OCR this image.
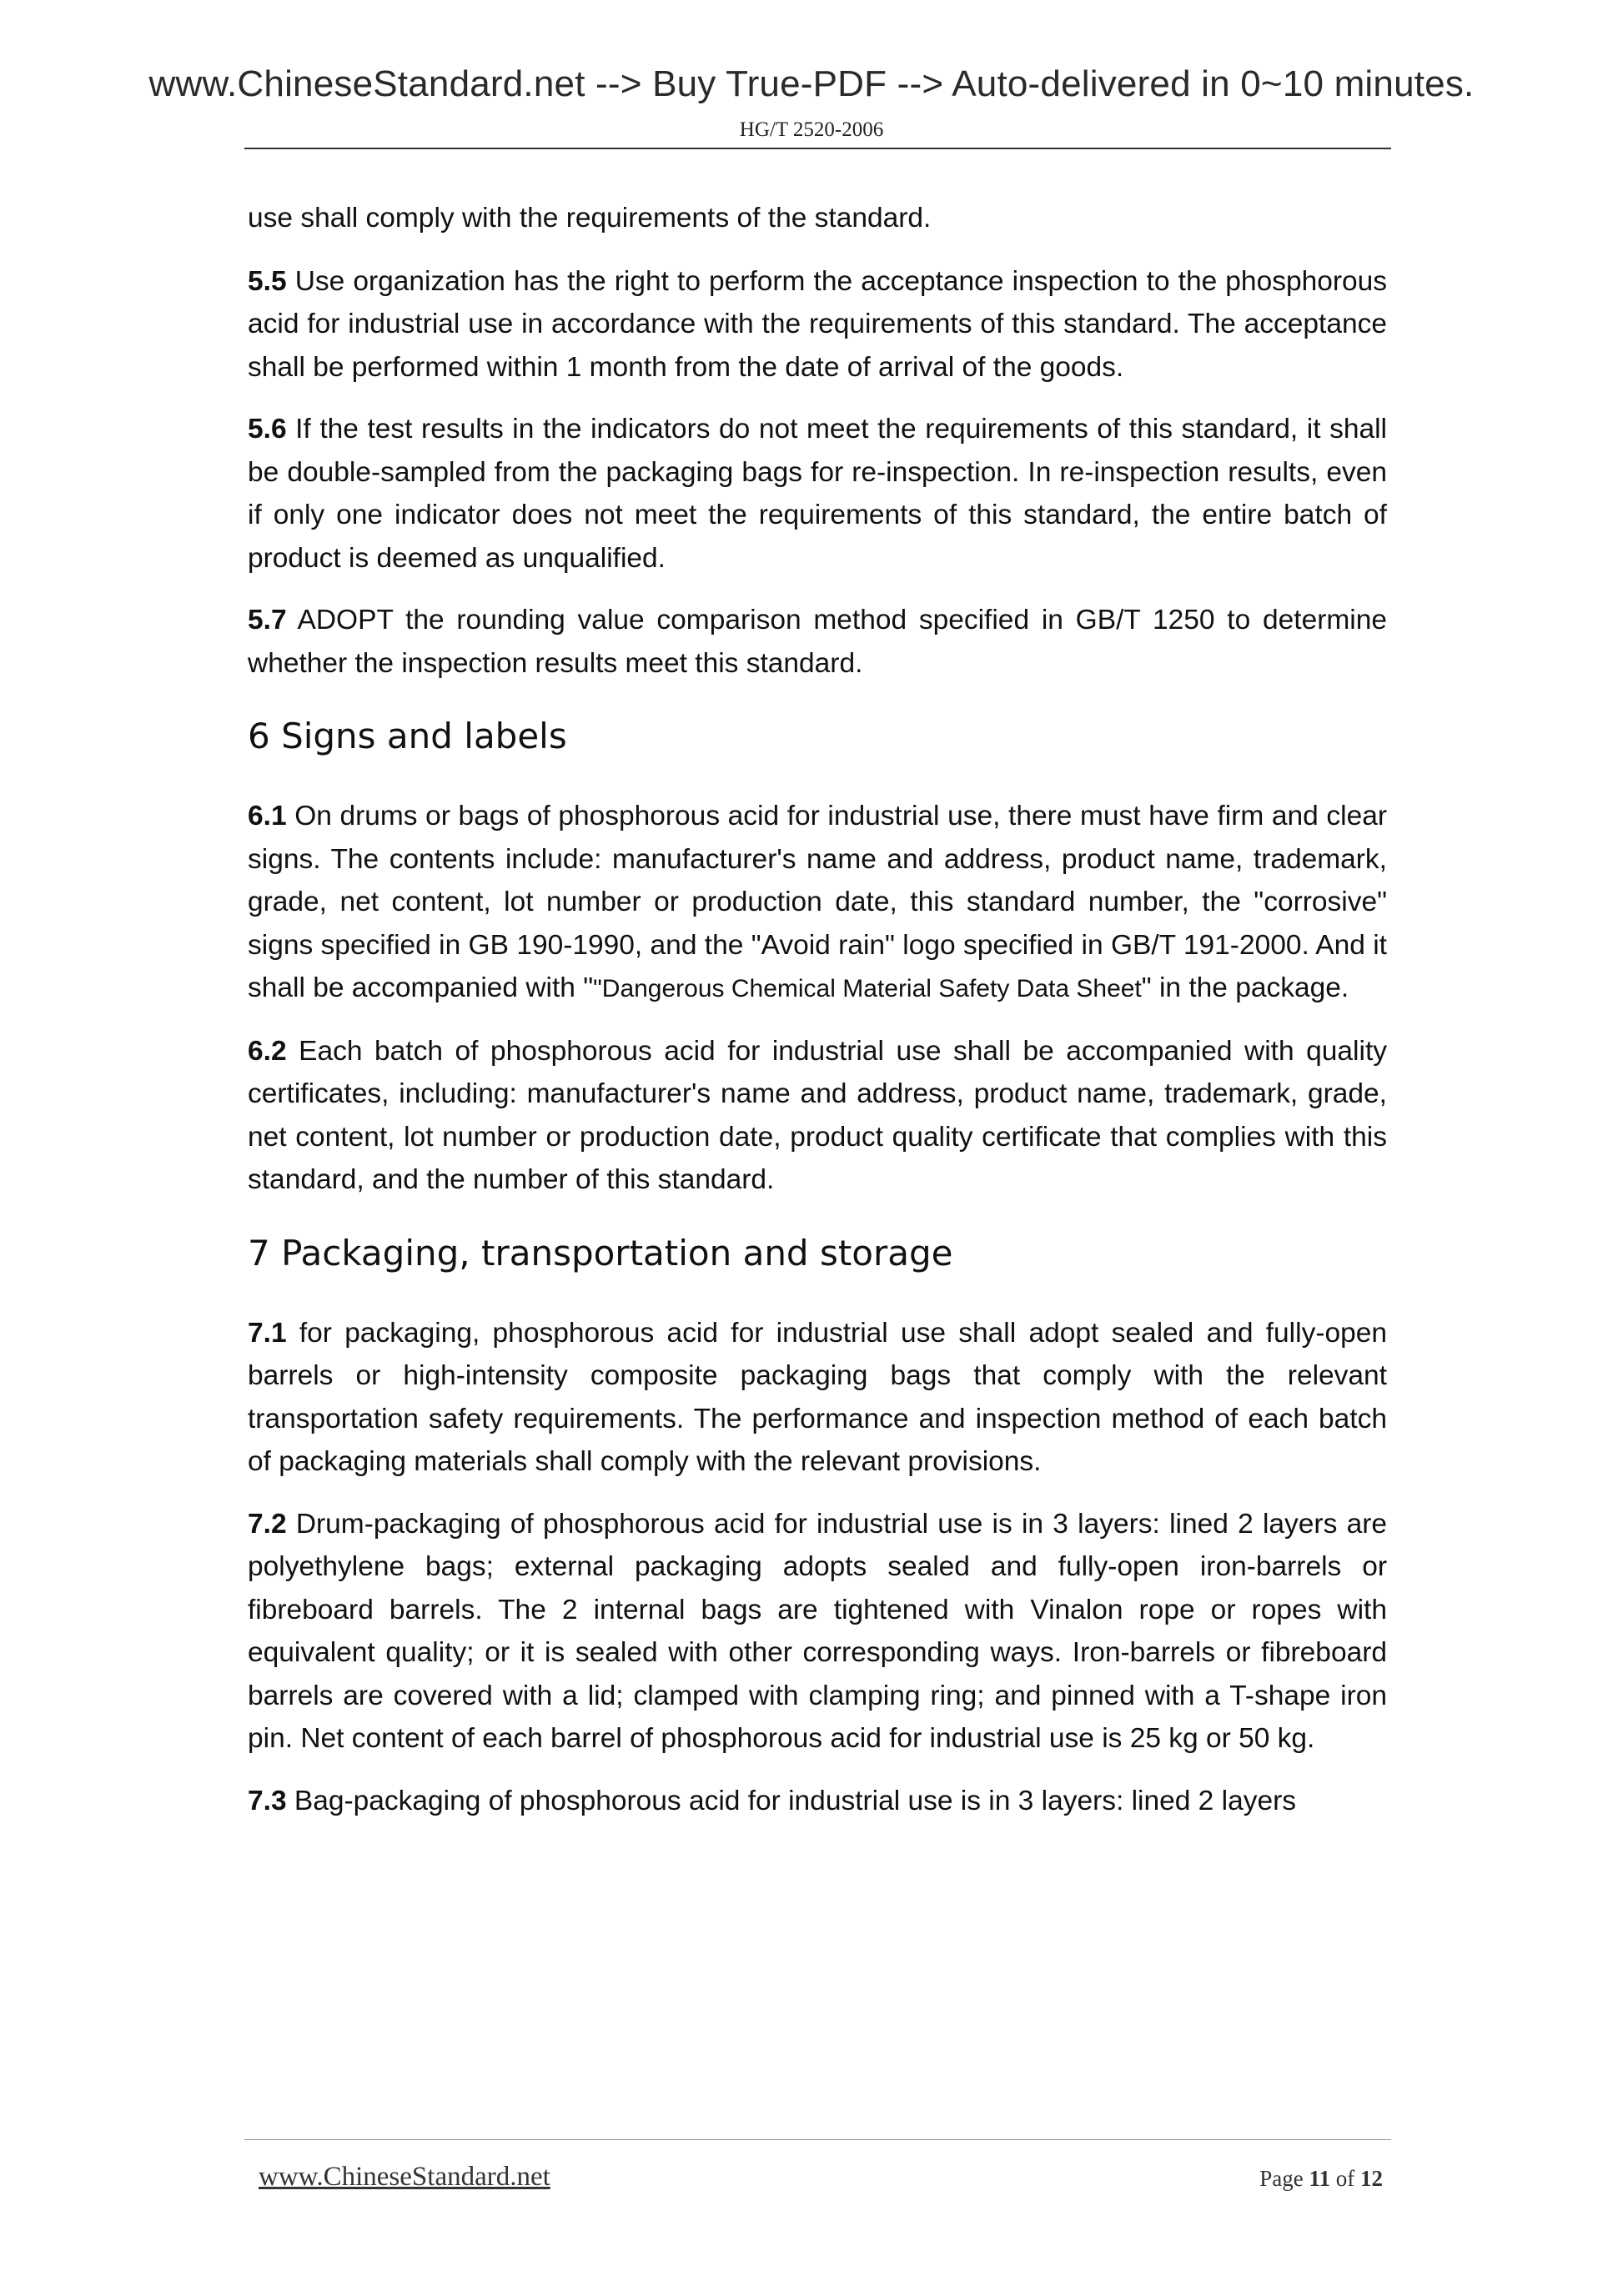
www.ChineseStandard.net --> Buy True-PDF --> Auto-delivered in 0~10 minutes.
HG/T 2520-2006

use shall comply with the requirements of the standard.

5.5 Use organization has the right to perform the acceptance inspection to the phosphorous acid for industrial use in accordance with the requirements of this standard. The acceptance shall be performed within 1 month from the date of arrival of the goods.

5.6 If the test results in the indicators do not meet the requirements of this standard, it shall be double-sampled from the packaging bags for re-inspection. In re-inspection results, even if only one indicator does not meet the requirements of this standard, the entire batch of product is deemed as unqualified.

5.7 ADOPT the rounding value comparison method specified in GB/T 1250 to determine whether the inspection results meet this standard.

6 Signs and labels

6.1 On drums or bags of phosphorous acid for industrial use, there must have firm and clear signs. The contents include: manufacturer's name and address, product name, trademark, grade, net content, lot number or production date, this standard number, the "corrosive" signs specified in GB 190-1990, and the "Avoid rain" logo specified in GB/T 191-2000. And it shall be accompanied with ""Dangerous Chemical Material Safety Data Sheet" in the package.

6.2 Each batch of phosphorous acid for industrial use shall be accompanied with quality certificates, including: manufacturer's name and address, product name, trademark, grade, net content, lot number or production date, product quality certificate that complies with this standard, and the number of this standard.

7 Packaging, transportation and storage

7.1 for packaging, phosphorous acid for industrial use shall adopt sealed and fully-open barrels or high-intensity composite packaging bags that comply with the relevant transportation safety requirements. The performance and inspection method of each batch of packaging materials shall comply with the relevant provisions.

7.2 Drum-packaging of phosphorous acid for industrial use is in 3 layers: lined 2 layers are polyethylene bags; external packaging adopts sealed and fully-open iron-barrels or fibreboard barrels. The 2 internal bags are tightened with Vinalon rope or ropes with equivalent quality; or it is sealed with other corresponding ways. Iron-barrels or fibreboard barrels are covered with a lid; clamped with clamping ring; and pinned with a T-shape iron pin. Net content of each barrel of phosphorous acid for industrial use is 25 kg or 50 kg.

7.3 Bag-packaging of phosphorous acid for industrial use is in 3 layers: lined 2 layers

www.ChineseStandard.net	Page 11 of 12
